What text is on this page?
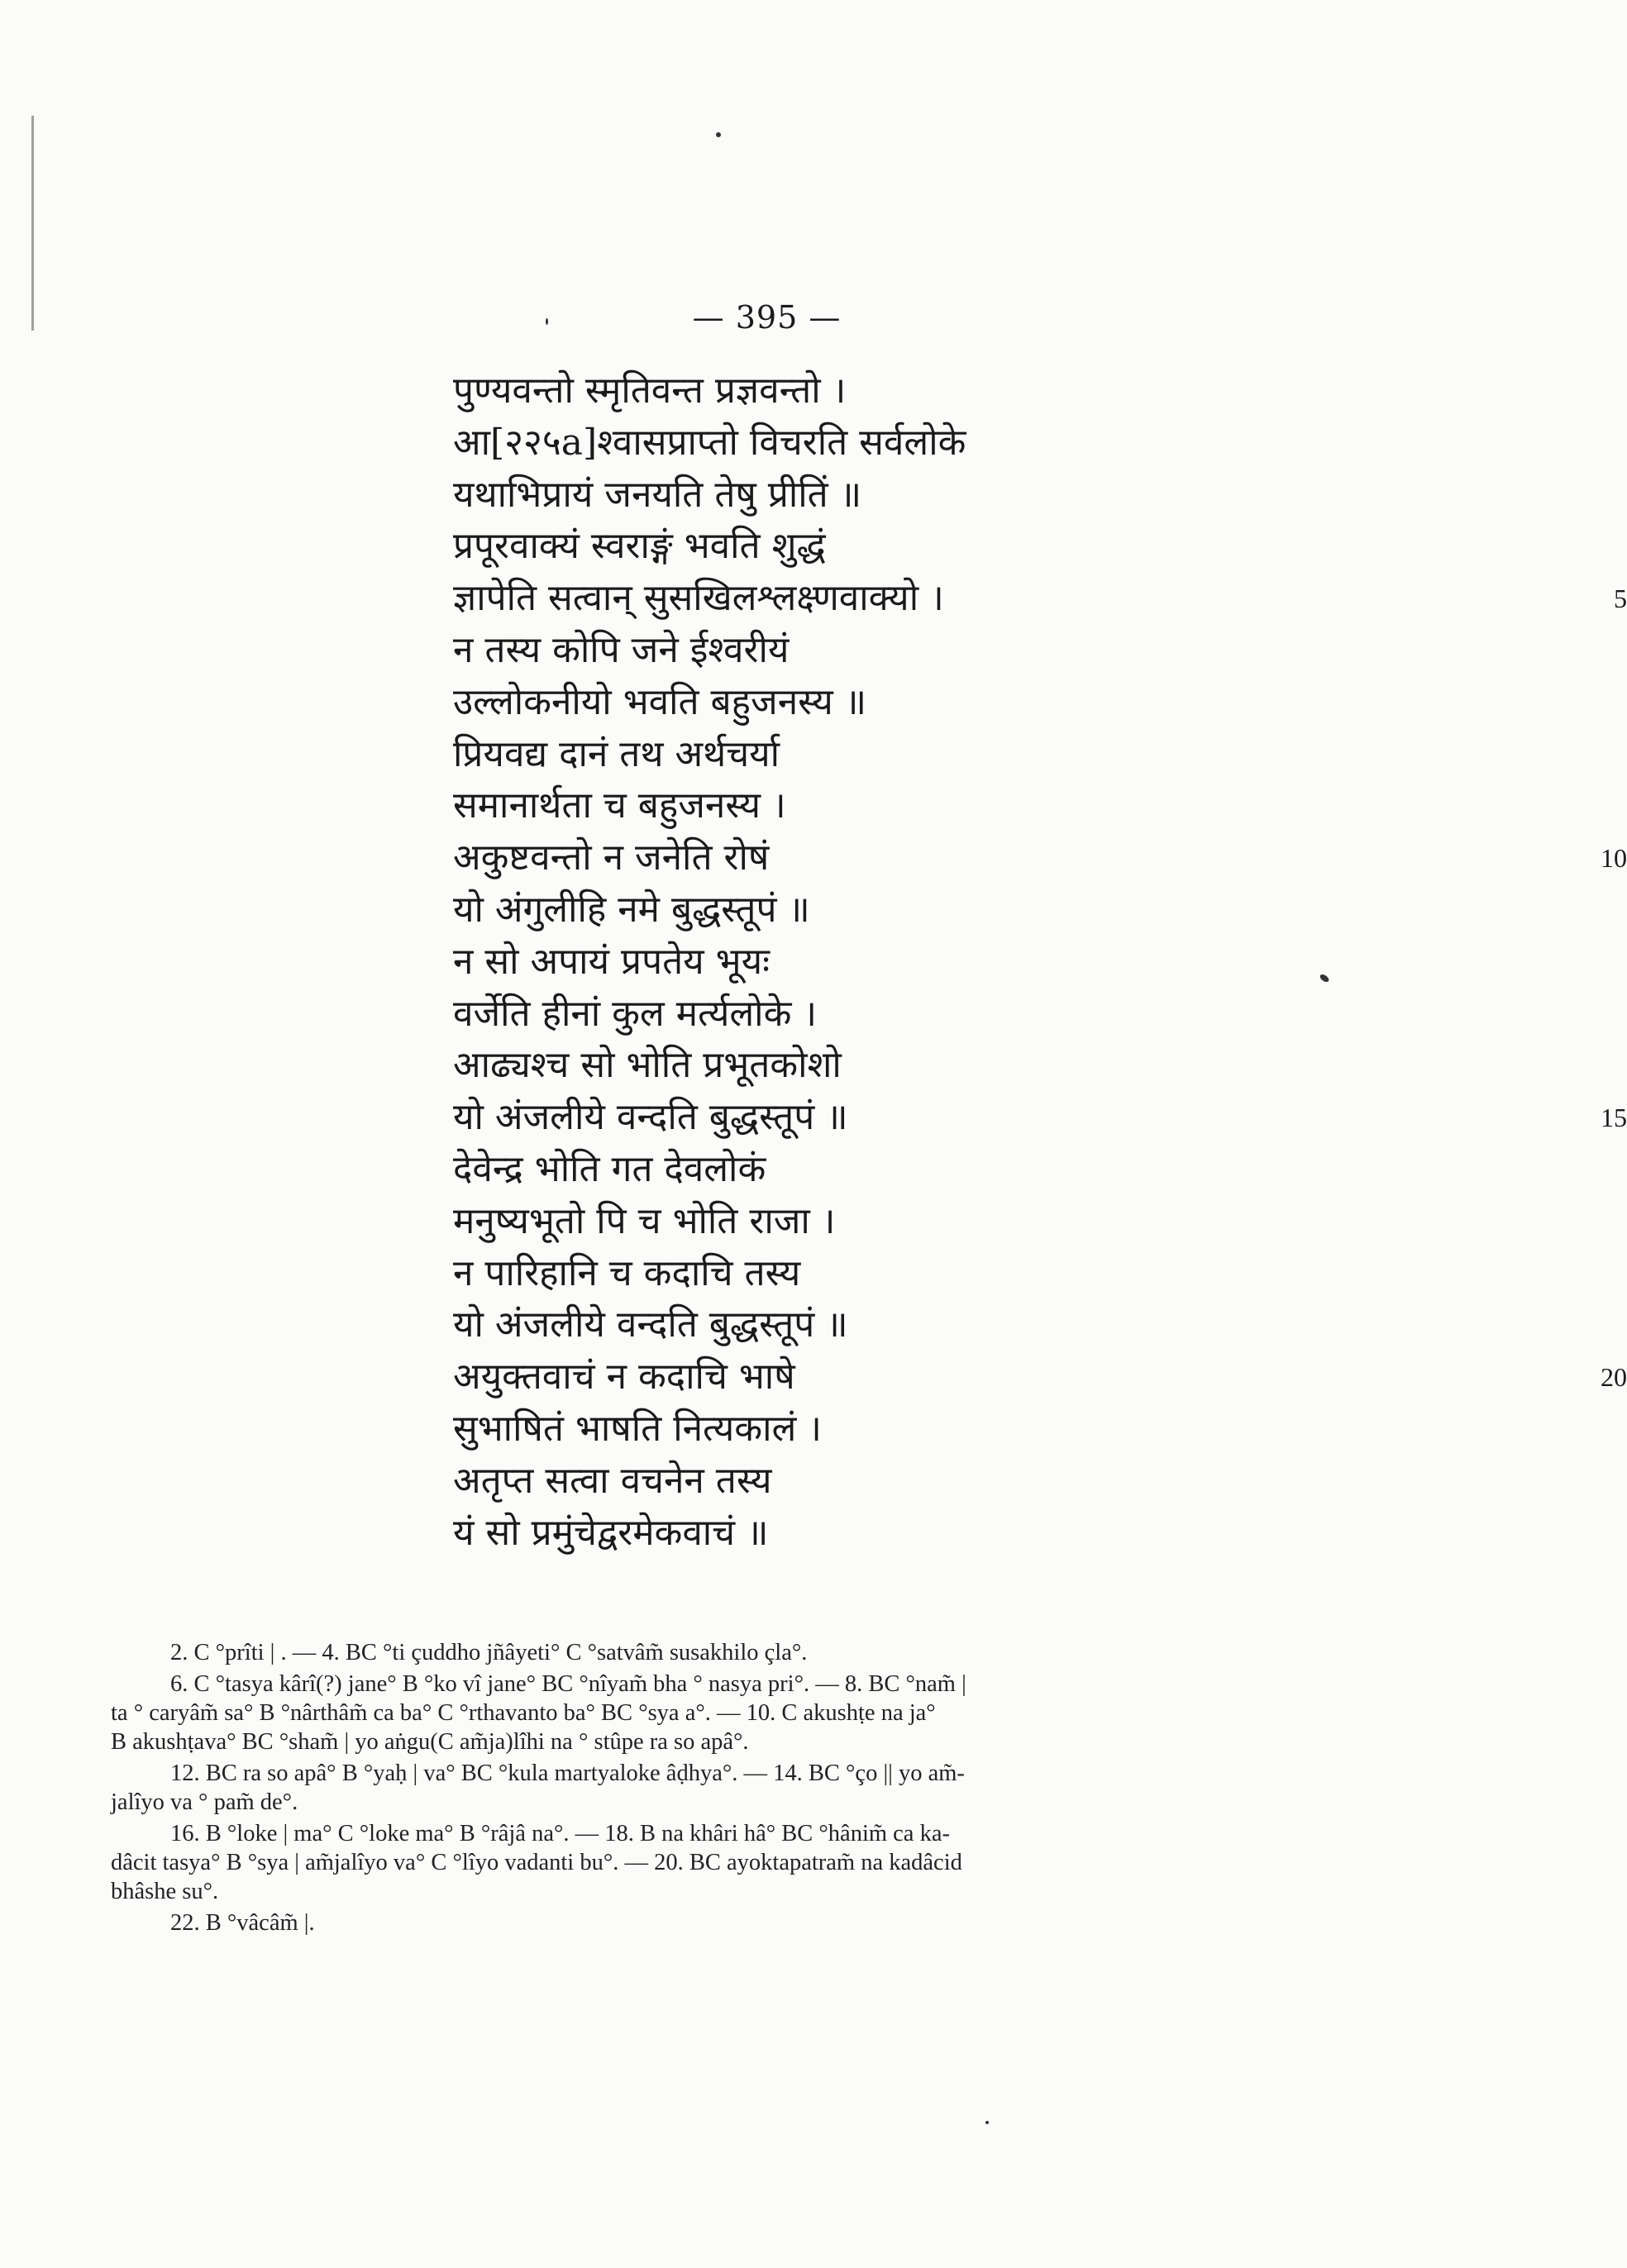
— 395 —
पुण्यवन्तो स्मृतिवन्त प्रज्ञवन्तो ।
आ[२२५a]श्वासप्राप्तो विचरति सर्वलोके
यथाभिप्रायं जनयति तेषु प्रीतिं ॥
प्रपूरवाक्यं स्वराङ्गं भवति शुद्धं
ज्ञापेति सत्वान् सुसखिलश्लक्ष्णवाक्यो ।	5
न तस्य कोपि जने ईश्वरीयं
उल्लोकनीयो भवति बहुजनस्य ॥
प्रियवद्य दानं तथ अर्थचर्या
समानार्थता च बहुजनस्य ।
अकुष्टवन्तो न जनेति रोषं	10
यो अंगुलीहि नमे बुद्धस्तूपं ॥
न सो अपायं प्रपतेय भूयः
वर्जेति हीनां कुल मर्त्यलोके ।
आढ्यश्च सो भोति प्रभूतकोशो
यो अंजलीये वन्दति बुद्धस्तूपं ॥	15
देवेन्द्र भोति गत देवलोकं
मनुष्यभूतो पि च भोति राजा ।
न पारिहानि च कदाचि तस्य
यो अंजलीये वन्दति बुद्धस्तूपं ॥
अयुक्तवाचं न कदाचि भाषे	20
सुभाषितं भाषति नित्यकालं ।
अतृप्त सत्वा वचनेन तस्य
यं सो प्रमुंचेद्वरमेकवाचं ॥
2. C °prîti | . — 4. BC °ti çuddho jñâyeti° C °satvâm̃ susakhilo çla°.
6. C °tasya kârî(?) jane° B °ko vî jane° BC °nîyam̃ bha ° nasya pri°. — 8. BC °nam̃ |
ta ° caryâm̃ sa° B °nârthâm̃ ca ba° C °rthavanto ba° BC °sya a°. — 10. C akushṭe na ja°
B akushṭava° BC °sham̃ | yo aṅgu(C am̃ja)lîhi na ° stûpe ra so apâ°.
12. BC ra so apâ° B °yaḥ | va° BC °kula martyaloke âḍhya°. — 14. BC °ço || yo am̃-
jalîyo va ° pam̃ de°.
16. B °loke | ma° C °loke ma° B °râjâ na°. — 18. B na khâri hâ° BC °hânim̃ ca ka-
dâcit tasya° B °sya | am̃jalîyo va° C °lîyo vadanti bu°. — 20. BC ayoktapatram̃ na kadâcid
bhâshe su°.
22. B °vâcâm̃ |.
